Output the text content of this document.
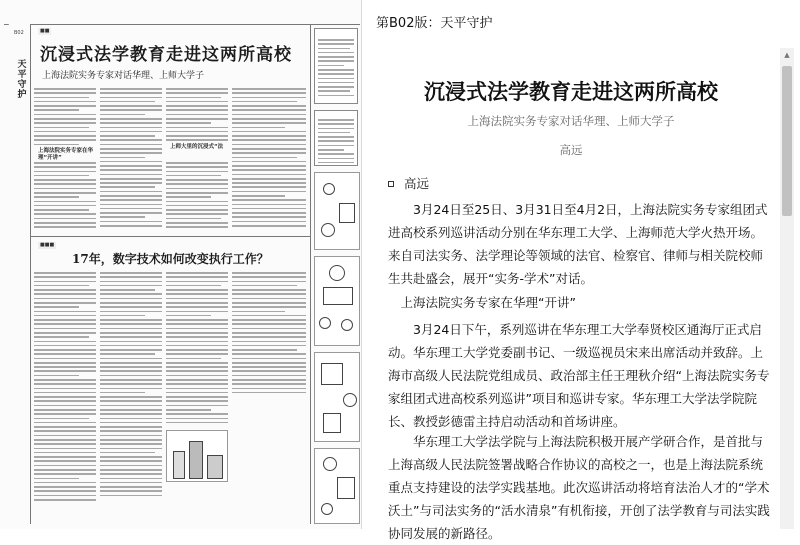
━━
B02
天平守护
■■
沉浸式法学教育走进这两所高校
上海法院实务专家对话华理、上师大学子
上海法院实务专家在华理“开讲”
上师大里的沉浸式“法
■■■
17年，数字技术如何改变执行工作？
第B02版：天平守护
沉浸式法学教育走进这两所高校
上海法院实务专家对话华理、上师大学子
高远
高远

3月24日至25日、3月31日至4月2日，上海法院实务专家组团式进高校系列巡讲活动分别在华东理工大学、上海师范大学火热开场。来自司法实务、法学理论等领域的法官、检察官、律师与相关院校师生共赴盛会，展开“实务-学术”对话。

上海法院实务专家在华理“开讲”

3月24日下午，系列巡讲在华东理工大学奉贤校区通海厅正式启动。华东理工大学党委副书记、一级巡视员宋来出席活动并致辞。上海市高级人民法院党组成员、政治部主任王理秋介绍“上海法院实务专家组团式进高校系列巡讲”项目和巡讲专家。华东理工大学法学院院长、教授彭德雷主持启动活动和首场讲座。

华东理工大学法学院与上海法院积极开展产学研合作，是首批与上海高级人民法院签署战略合作协议的高校之一，也是上海法院系统重点支持建设的法学实践基地。此次巡讲活动将培育法治人才的“学术沃土”与司法实务的“活水清泉”有机衔接，开创了法学教育与司法实践协同发展的新路径。

▲
